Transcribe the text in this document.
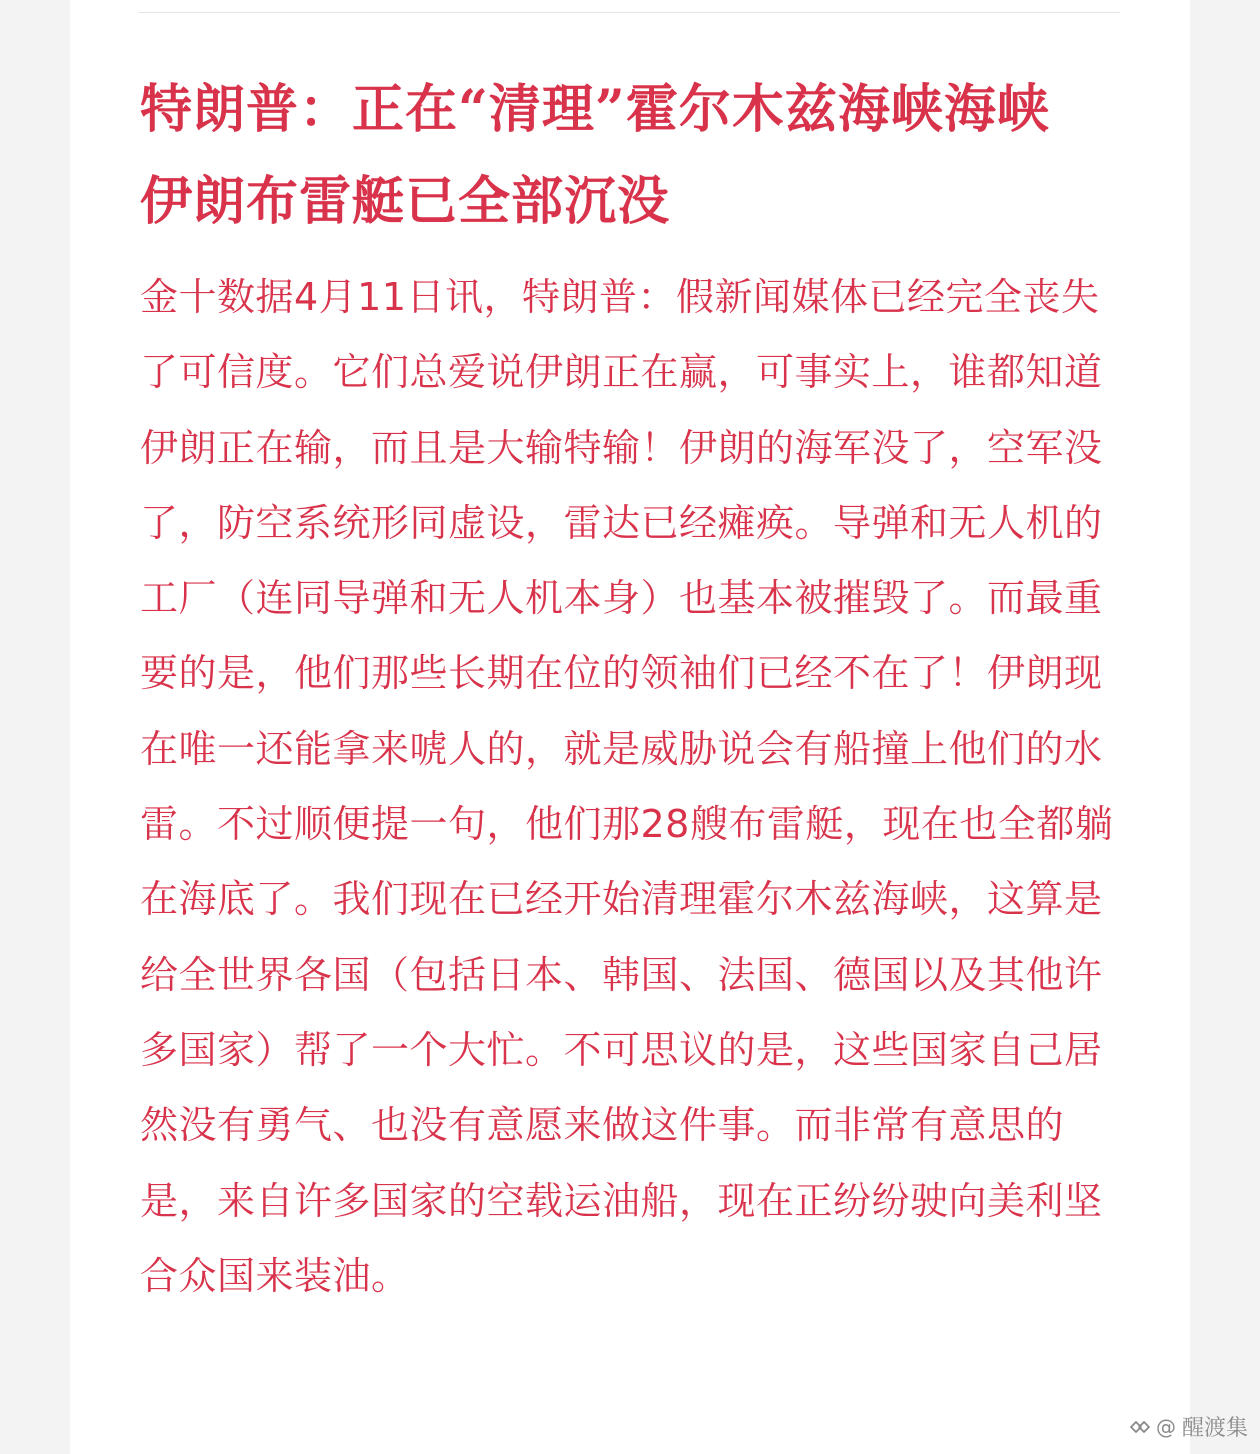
特朗普：正在“清理”霍尔木兹海峡海峡 伊朗布雷艇已全部沉没

金十数据4月11日讯，特朗普：假新闻媒体已经完全丧失了可信度。它们总爱说伊朗正在赢，可事实上，谁都知道伊朗正在输，而且是大输特输！伊朗的海军没了，空军没了，防空系统形同虚设，雷达已经瘫痪。导弹和无人机的工厂（连同导弹和无人机本身）也基本被摧毁了。而最重要的是，他们那些长期在位的领袖们已经不在了！伊朗现在唯一还能拿来唬人的，就是威胁说会有船撞上他们的水雷。不过顺便提一句，他们那28艘布雷艇，现在也全都躺在海底了。我们现在已经开始清理霍尔木兹海峡，这算是给全世界各国（包括日本、韩国、法国、德国以及其他许多国家）帮了一个大忙。不可思议的是，这些国家自己居然没有勇气、也没有意愿来做这件事。而非常有意思的是，来自许多国家的空载运油船，现在正纷纷驶向美利坚合众国来装油。

@ 醒渡集
